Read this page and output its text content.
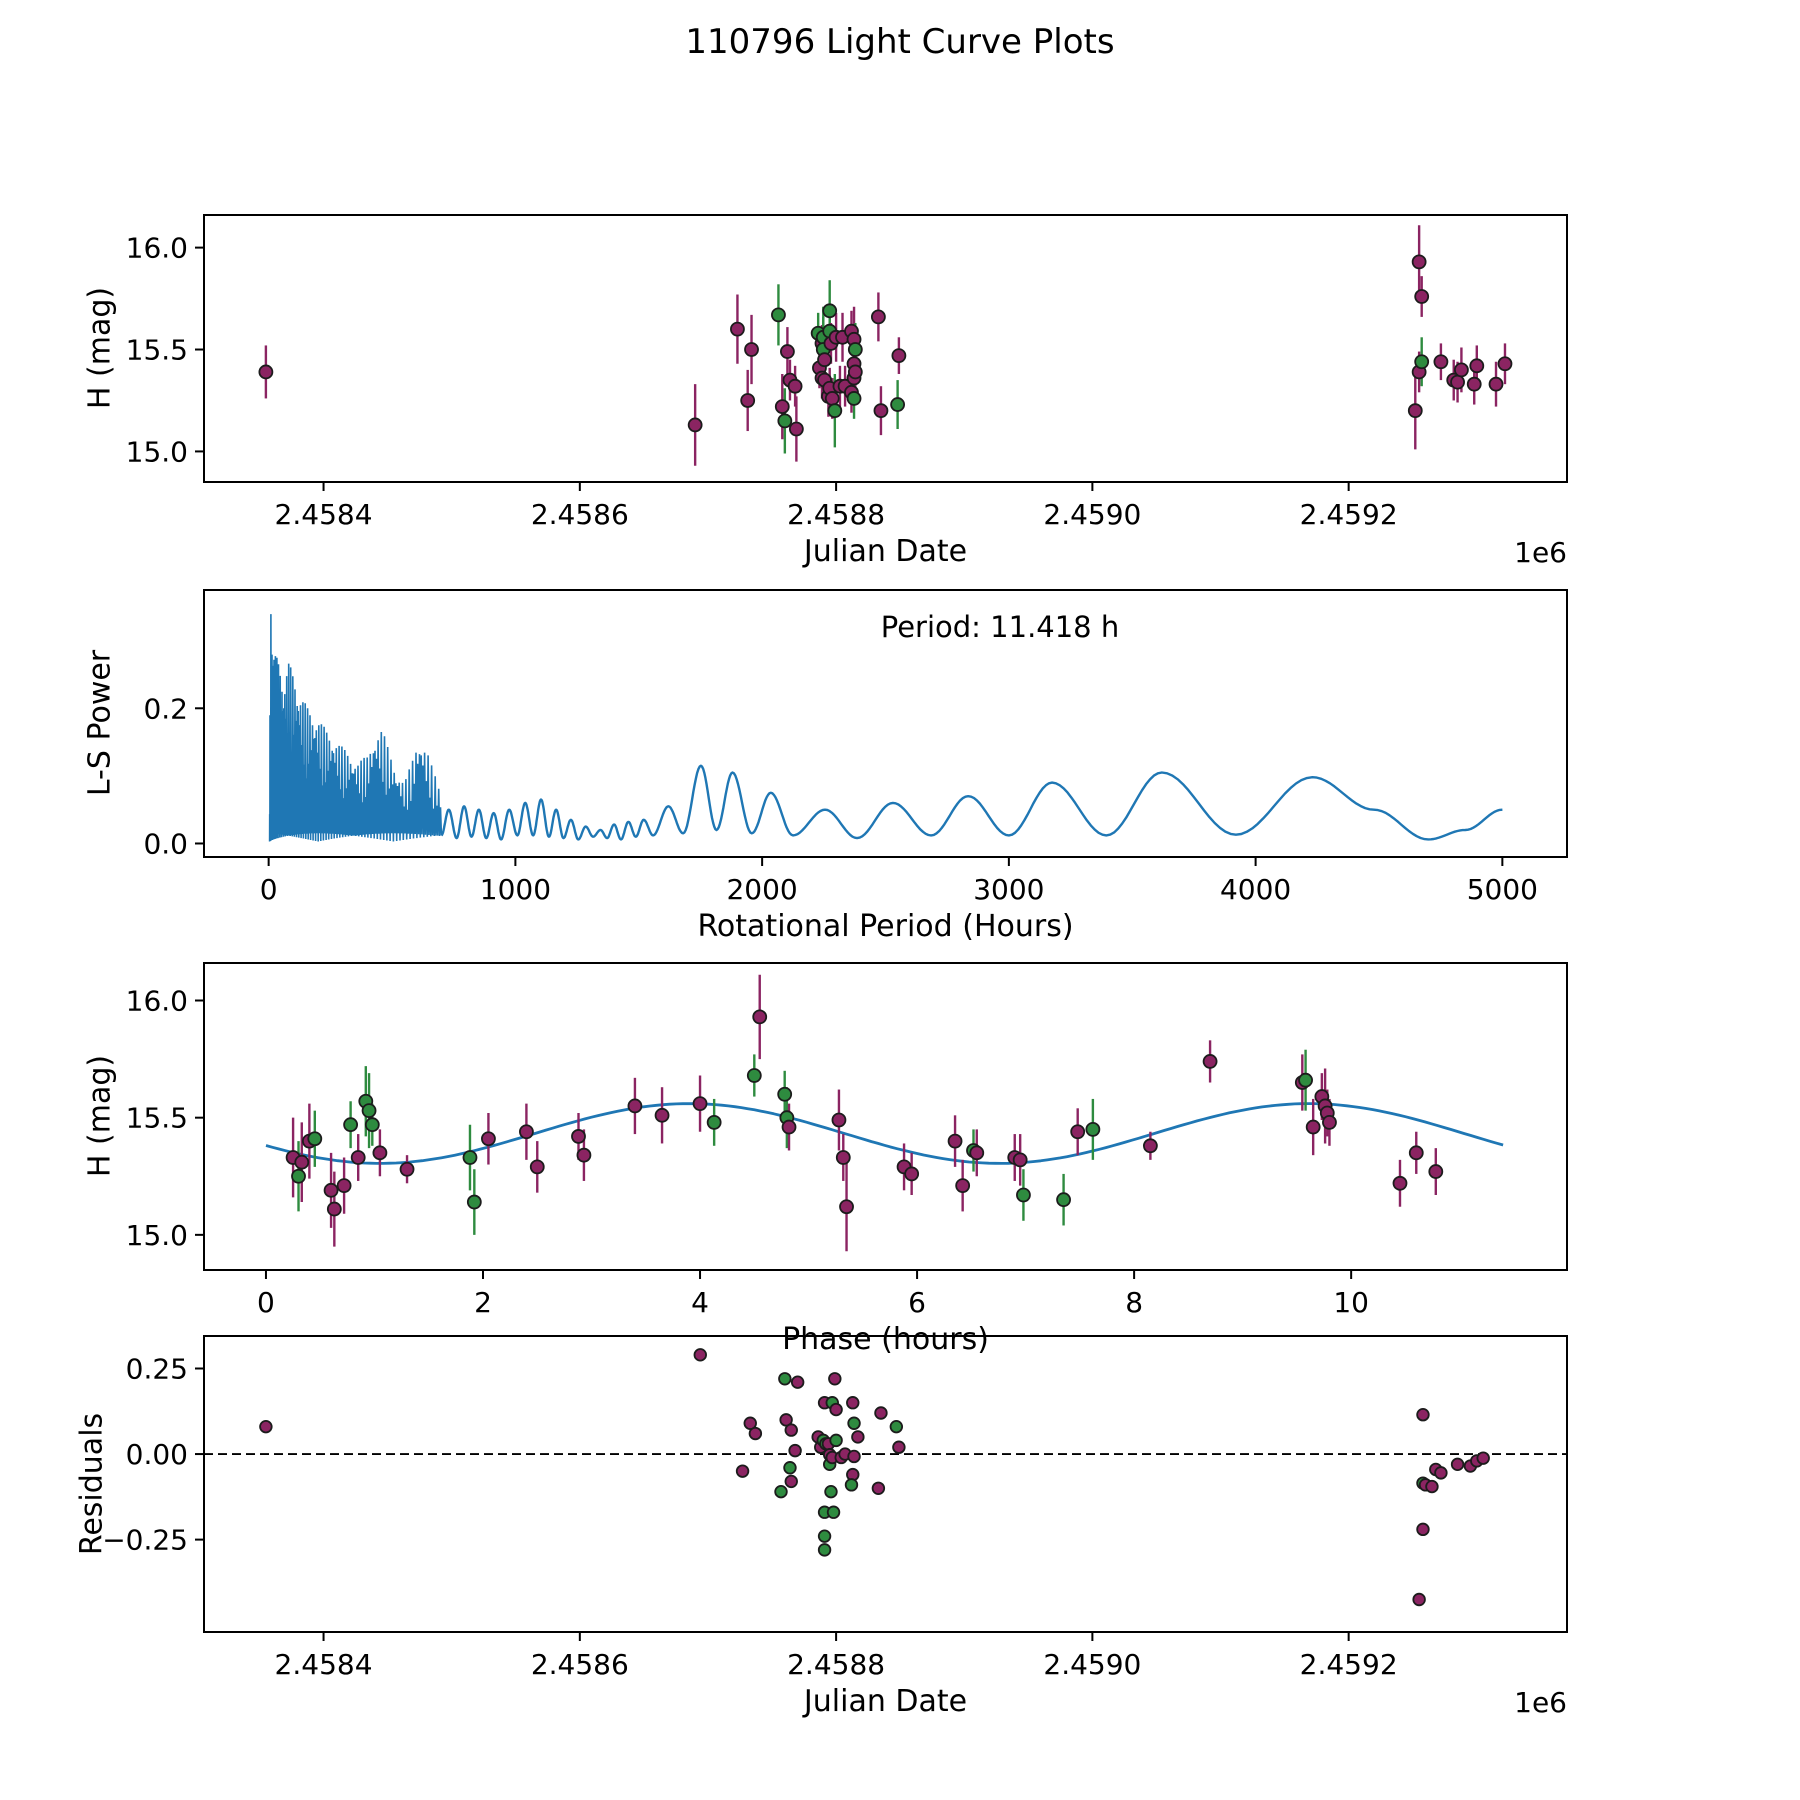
2.4584	2.4586	2.4588	2.4590	2.4592
16.0
15.5
15.0
0	1000	2000	3000	4000	5000
0.2
0.0
0	2	4	6	8	10
16.0
15.5
15.0
2.4584	2.4586	2.4588	2.4590	2.4592
0.25
0.00
−0.25
110796 Light Curve Plots
Julian Date	1e6
H (mag)
Period: 11.418 h
Rotational Period (Hours)
L-S Power
Phase (hours)
H (mag)
Julian Date	1e6
Residuals
